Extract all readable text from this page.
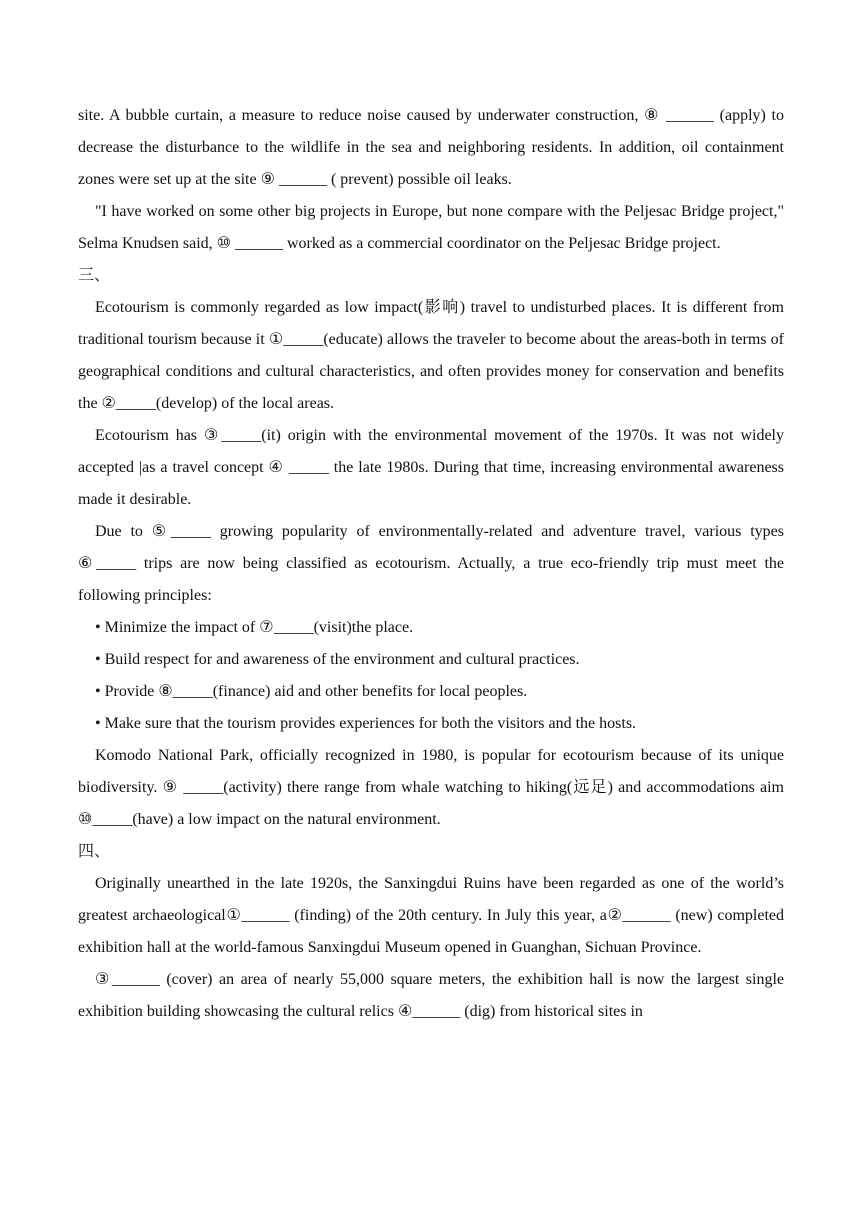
site. A bubble curtain, a measure to reduce noise caused by underwater construction, ⑧ ______ (apply) to decrease the disturbance to the wildlife in the sea and neighboring residents. In addition, oil containment zones were set up at the site ⑨ ______ ( prevent) possible oil leaks.

"I have worked on some other big projects in Europe, but none compare with the Peljesac Bridge project," Selma Knudsen said, ⑩ ______ worked as a commercial coordinator on the Peljesac Bridge project.

三、

Ecotourism is commonly regarded as low impact(影响) travel to undisturbed places. It is different from traditional tourism because it ①_____(educate) allows the traveler to become about the areas-both in terms of geographical conditions and cultural characteristics, and often provides money for conservation and benefits the ②_____(develop) of the local areas.

Ecotourism has ③_____(it) origin with the environmental movement of the 1970s. It was not widely accepted |as a travel concept ④ _____ the late 1980s. During that time, increasing environmental awareness made it desirable.

Due to ⑤_____ growing popularity of environmentally-related and adventure travel, various types ⑥_____ trips are now being classified as ecotourism. Actually, a true eco-friendly trip must meet the following principles:

• Minimize the impact of ⑦_____(visit)the place.

• Build respect for and awareness of the environment and cultural practices.

• Provide ⑧_____(finance) aid and other benefits for local peoples.

• Make sure that the tourism provides experiences for both the visitors and the hosts.

Komodo National Park, officially recognized in 1980, is popular for ecotourism because of its unique biodiversity. ⑨ _____(activity) there range from whale watching to hiking(远足) and accommodations aim ⑩_____(have) a low impact on the natural environment.

四、

Originally unearthed in the late 1920s, the Sanxingdui Ruins have been regarded as one of the world’s greatest archaeological①______ (finding) of the 20th century. In July this year, a②______ (new) completed exhibition hall at the world-famous Sanxingdui Museum opened in Guanghan, Sichuan Province.

③______ (cover) an area of nearly 55,000 square meters, the exhibition hall is now the largest single exhibition building showcasing the cultural relics ④______ (dig) from historical sites in
